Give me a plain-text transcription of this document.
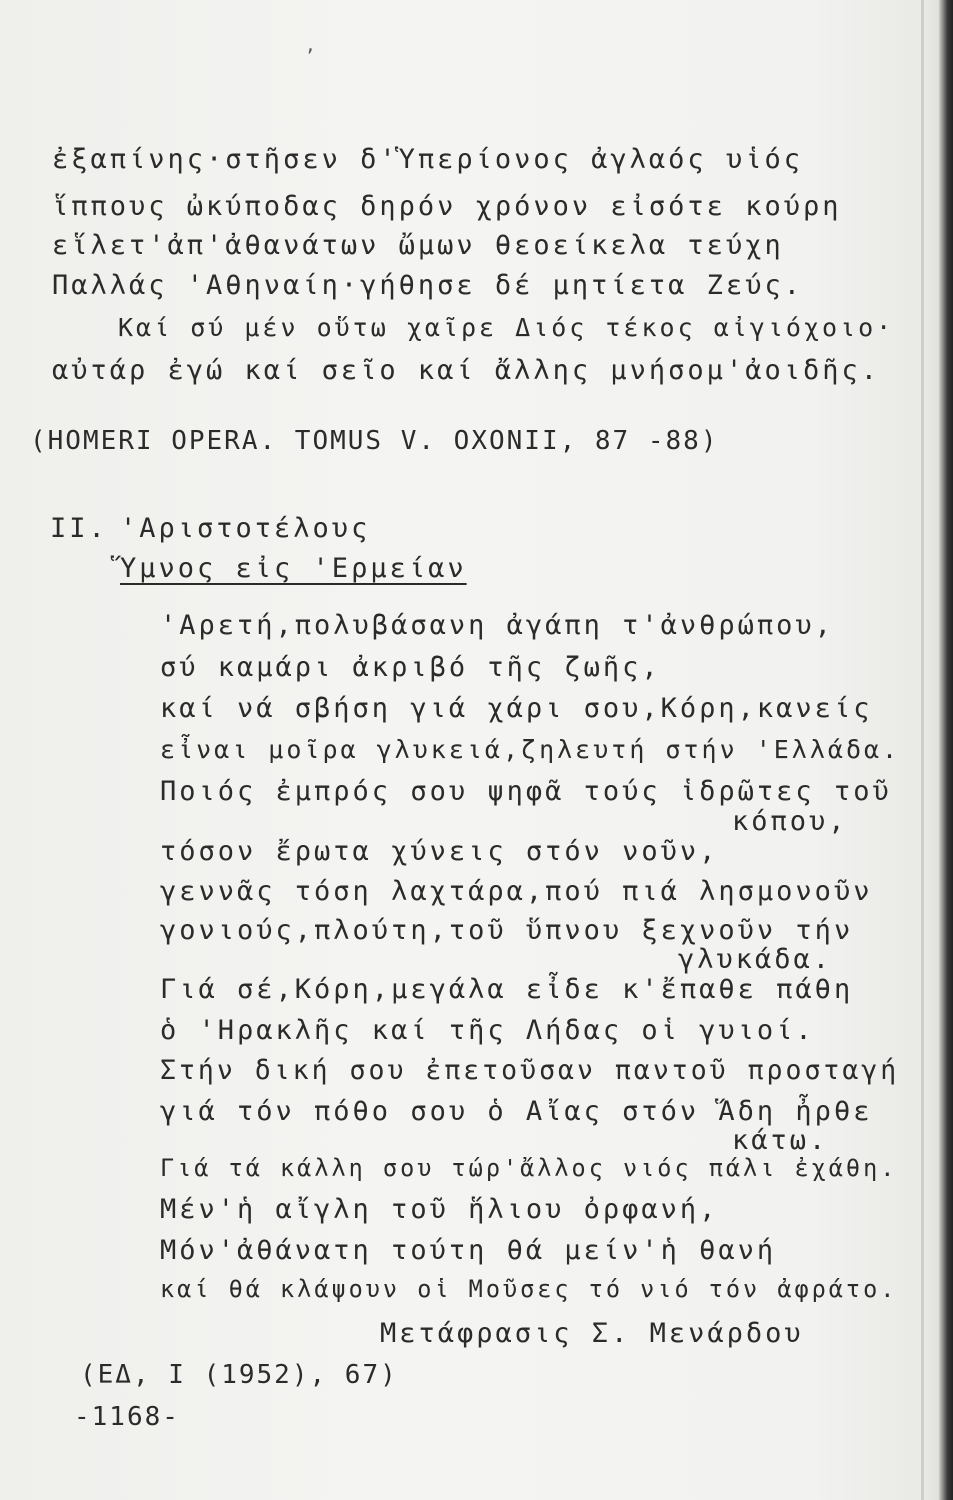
,
ἐξαπίνης·στῆσεν δ'Ὑπερίονος ἀγλαός υἱός
ἵππους ὠκύποδας δηρόν χρόνον εἰσότε κούρη
εἵλετ'ἀπ'ἀθανάτων ὤμων θεοείκελα τεύχη
Παλλάς 'Αθηναίη·γήθησε δέ μητίετα Ζεύς.
Καί σύ μέν οὕτω χαῖρε Διός τέκος αἰγιόχοιο·
αὐτάρ ἐγώ καί σεῖο καί ἄλλης μνήσομ'ἀοιδῆς.
(HOMERI OPERA. TOMUS V. OXONII, 87 -88)
II. 'Αριστοτέλους
Ὕμνος εἰς 'Ερμείαν
'Αρετή,πολυβάσανη ἀγάπη τ'ἀνθρώπου,
σύ καμάρι ἀκριβό τῆς ζωῆς,
καί νά σβήση γιά χάρι σου,Κόρη,κανείς
εἶναι μοῖρα γλυκειά,ζηλευτή στήν 'Ελλάδα.
Ποιός ἐμπρός σου ψηφᾶ τούς ἱδρῶτες τοῦ
κόπου,
τόσον ἔρωτα χύνεις στόν νοῦν,
γεννᾶς τόση λαχτάρα,πού πιά λησμονοῦν
γονιούς,πλούτη,τοῦ ὕπνου ξεχνοῦν τήν
γλυκάδα.
Γιά σέ,Κόρη,μεγάλα εἶδε κ'ἔπαθε πάθη
ὁ 'Ηρακλῆς καί τῆς Λήδας οἱ γυιοί.
Στήν δική σου ἐπετοῦσαν παντοῦ προσταγή
γιά τόν πόθο σου ὁ Αἴας στόν Ἅδη ἦρθε
κάτω.
Γιά τά κάλλη σου τώρ'ἄλλος νιός πάλι ἐχάθη.
Μέν'ἡ αἴγλη τοῦ ἥλιου ὀρφανή,
Μόν'ἀθάνατη τούτη θά μείν'ἡ θανή
καί θά κλάψουν οἱ Μοῦσες τό νιό τόν ἀφράτο.
Μετάφρασις Σ. Μενάρδου
(ΕΔ, I (1952), 67)
-1168-
